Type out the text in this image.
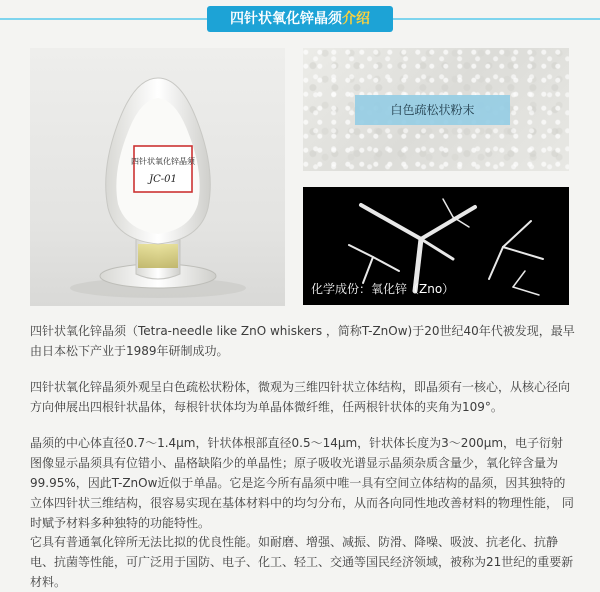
四针状氧化锌晶须介绍
四针状氧化锌晶须
JC-01
白色疏松状粉末
化学成份：氧化锌（Zno）

四针状氧化锌晶须（Tetra-needle like ZnO whiskers ，简称T-ZnOw)于20世纪40年代被发现，最早由日本松下产业于1989年研制成功。

四针状氧化锌晶须外观呈白色疏松状粉体，微观为三维四针状立体结构，即晶须有一核心，从核心径向方向伸展出四根针状晶体，每根针状体均为单晶体微纤维，任两根针状体的夹角为109°。

晶须的中心体直径0.7～1.4μm，针状体根部直径0.5～14μm，针状体长度为3～200μm，电子衍射图像显示晶须具有位错小、晶格缺陷少的单晶性；原子吸收光谱显示晶须杂质含量少，氧化锌含量为99.95%，因此T-ZnOw近似于单晶。它是迄今所有晶须中唯一具有空间立体结构的晶须，因其独特的立体四针状三维结构，很容易实现在基体材料中的均匀分布，从而各向同性地改善材料的物理性能， 同时赋予材料多种独特的功能特性。

它具有普通氧化锌所无法比拟的优良性能。如耐磨、增强、减振、防滑、降噪、吸波、抗老化、抗静电、抗菌等性能，可广泛用于国防、电子、化工、轻工、交通等国民经济领域，被称为21世纪的重要新材料。
